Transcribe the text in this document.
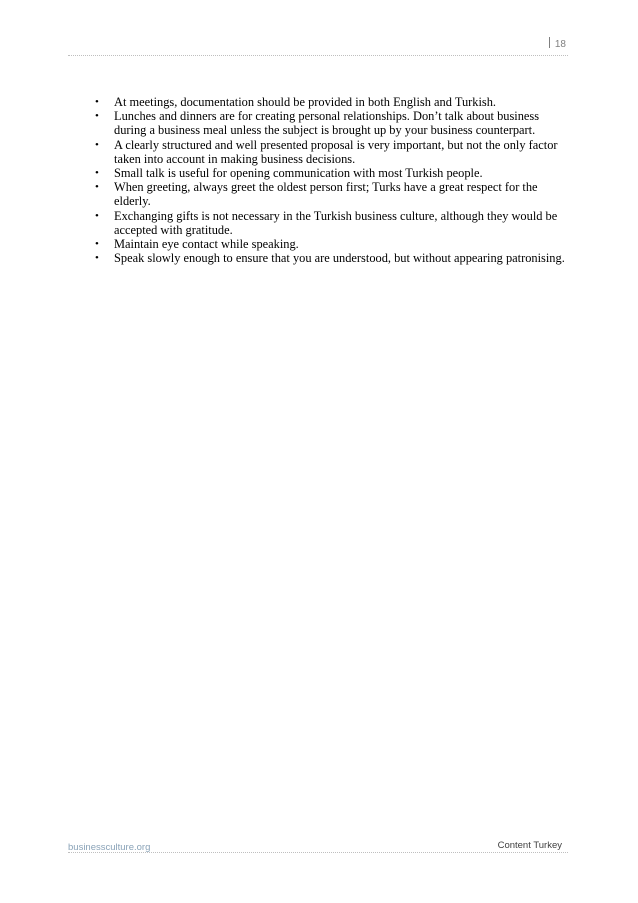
18
• At meetings, documentation should be provided in both English and Turkish.
• Lunches and dinners are for creating personal relationships. Don’t talk about business during a business meal unless the subject is brought up by your business counterpart.
• A clearly structured and well presented proposal is very important, but not the only factor taken into account in making business decisions.
• Small talk is useful for opening communication with most Turkish people.
• When greeting, always greet the oldest person first; Turks have a great respect for the elderly.
• Exchanging gifts is not necessary in the Turkish business culture, although they would be accepted with gratitude.
• Maintain eye contact while speaking.
• Speak slowly enough to ensure that you are understood, but without appearing patronising.
businessculture.org	Content Turkey
